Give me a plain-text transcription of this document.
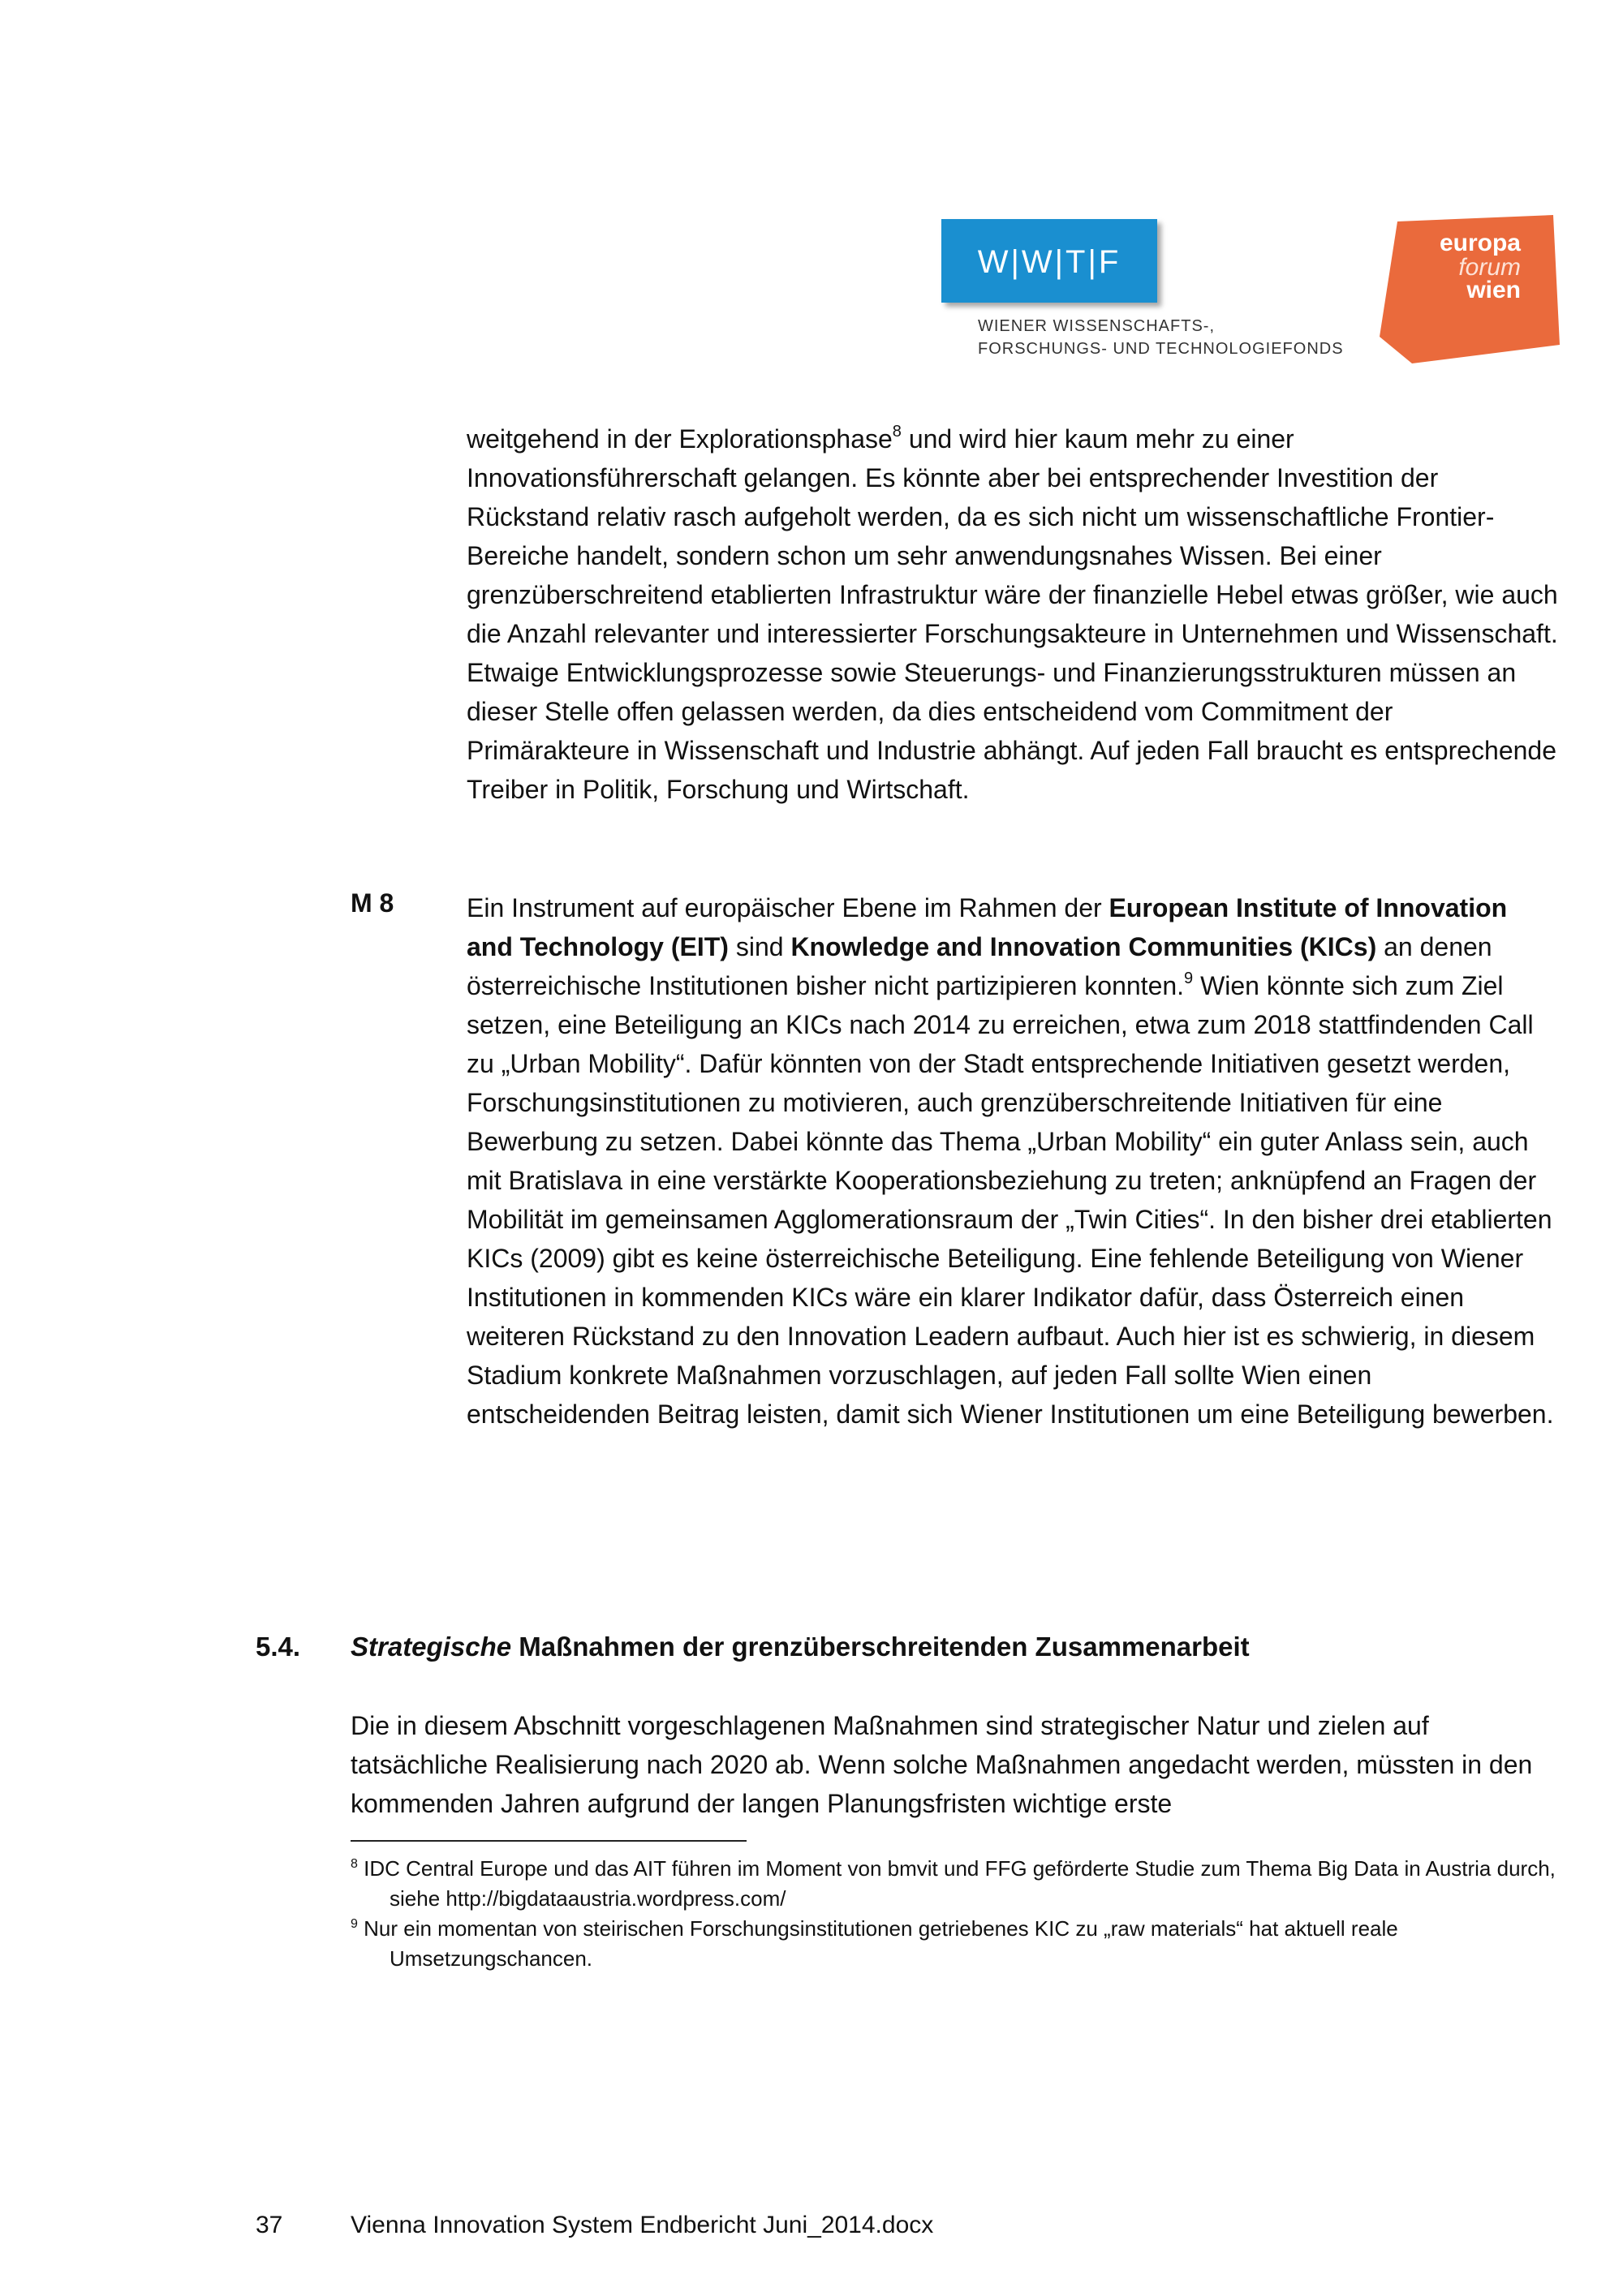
W|W|T|F
WIENER WISSENSCHAFTS-,
FORSCHUNGS- UND TECHNOLOGIEFONDS
europa
forum
wien
weitgehend in der Explorationsphase$^8$ und wird hier kaum mehr zu einer Innovationsführerschaft gelangen. Es könnte aber bei entsprechender Investition der Rückstand relativ rasch aufgeholt werden, da es sich nicht um wissenschaftliche Frontier-Bereiche handelt, sondern schon um sehr anwendungsnahes Wissen. Bei einer grenzüberschreitend etablierten Infrastruktur wäre der finanzielle Hebel etwas größer, wie auch die Anzahl relevanter und interessierter Forschungsakteure in Unternehmen und Wissenschaft. Etwaige Entwicklungsprozesse sowie Steuerungs- und Finanzierungsstrukturen müssen an dieser Stelle offen gelassen werden, da dies entscheidend vom Commitment der Primärakteure in Wissenschaft und Industrie abhängt. Auf jeden Fall braucht es entsprechende Treiber in Politik, Forschung und Wirtschaft.
M 8	Ein Instrument auf europäischer Ebene im Rahmen der European Institute of Innovation and Technology (EIT) sind Knowledge and Innovation Communities (KICs) an denen österreichische Institutionen bisher nicht partizipieren konnten.$^9$ Wien könnte sich zum Ziel setzen, eine Beteiligung an KICs nach 2014 zu erreichen, etwa zum 2018 stattfindenden Call zu „Urban Mobility“. Dafür könnten von der Stadt entsprechende Initiativen gesetzt werden, Forschungsinstitutionen zu motivieren, auch grenzüberschreitende Initiativen für eine Bewerbung zu setzen. Dabei könnte das Thema „Urban Mobility“ ein guter Anlass sein, auch mit Bratislava in eine verstärkte Kooperationsbeziehung zu treten; anknüpfend an Fragen der Mobilität im gemeinsamen Agglomerationsraum der „Twin Cities“. In den bisher drei etablierten KICs (2009) gibt es keine österreichische Beteiligung. Eine fehlende Beteiligung von Wiener Institutionen in kommenden KICs wäre ein klarer Indikator dafür, dass Österreich einen weiteren Rückstand zu den Innovation Leadern aufbaut. Auch hier ist es schwierig, in diesem Stadium konkrete Maßnahmen vorzuschlagen, auf jeden Fall sollte Wien einen entscheidenden Beitrag leisten, damit sich Wiener Institutionen um eine Beteiligung bewerben.
5.4. Strategische Maßnahmen der grenzüberschreitenden Zusammenarbeit
Die in diesem Abschnitt vorgeschlagenen Maßnahmen sind strategischer Natur und zielen auf tatsächliche Realisierung nach 2020 ab. Wenn solche Maßnahmen angedacht werden, müssten in den kommenden Jahren aufgrund der langen Planungsfristen wichtige erste
$^8$ IDC Central Europe und das AIT führen im Moment von bmvit und FFG geförderte Studie zum Thema Big Data in Austria durch, siehe http://bigdataaustria.wordpress.com/
$^9$ Nur ein momentan von steirischen Forschungsinstitutionen getriebenes KIC zu „raw materials“ hat aktuell reale Umsetzungschancen.
37	Vienna Innovation System Endbericht Juni_2014.docx
